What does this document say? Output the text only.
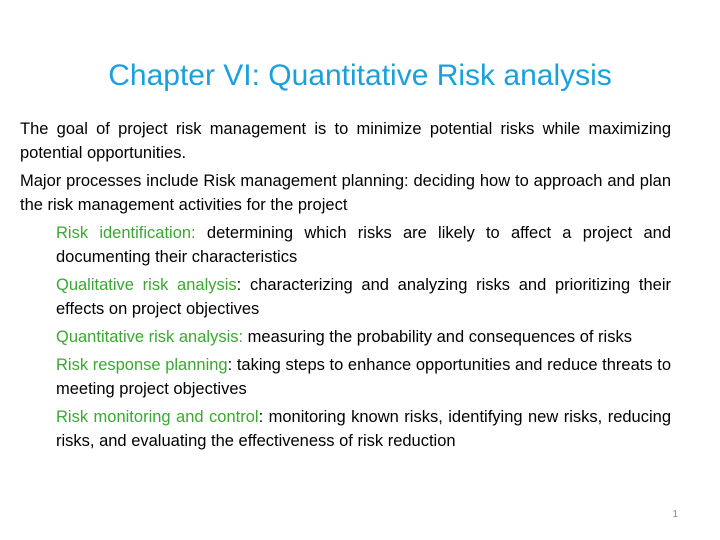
Chapter VI: Quantitative Risk analysis

The goal of project risk management is to minimize potential risks while maximizing potential opportunities.

Major processes include Risk management planning: deciding how to approach and plan the risk management activities for the project

Risk identification: determining which risks are likely to affect a project and documenting their characteristics

Qualitative risk analysis: characterizing and analyzing risks and prioritizing their effects on project objectives

Quantitative risk analysis: measuring the probability and consequences of risks

Risk response planning: taking steps to enhance opportunities and reduce threats to meeting project objectives

Risk monitoring and control: monitoring known risks, identifying new risks, reducing risks, and evaluating the effectiveness of risk reduction

1
